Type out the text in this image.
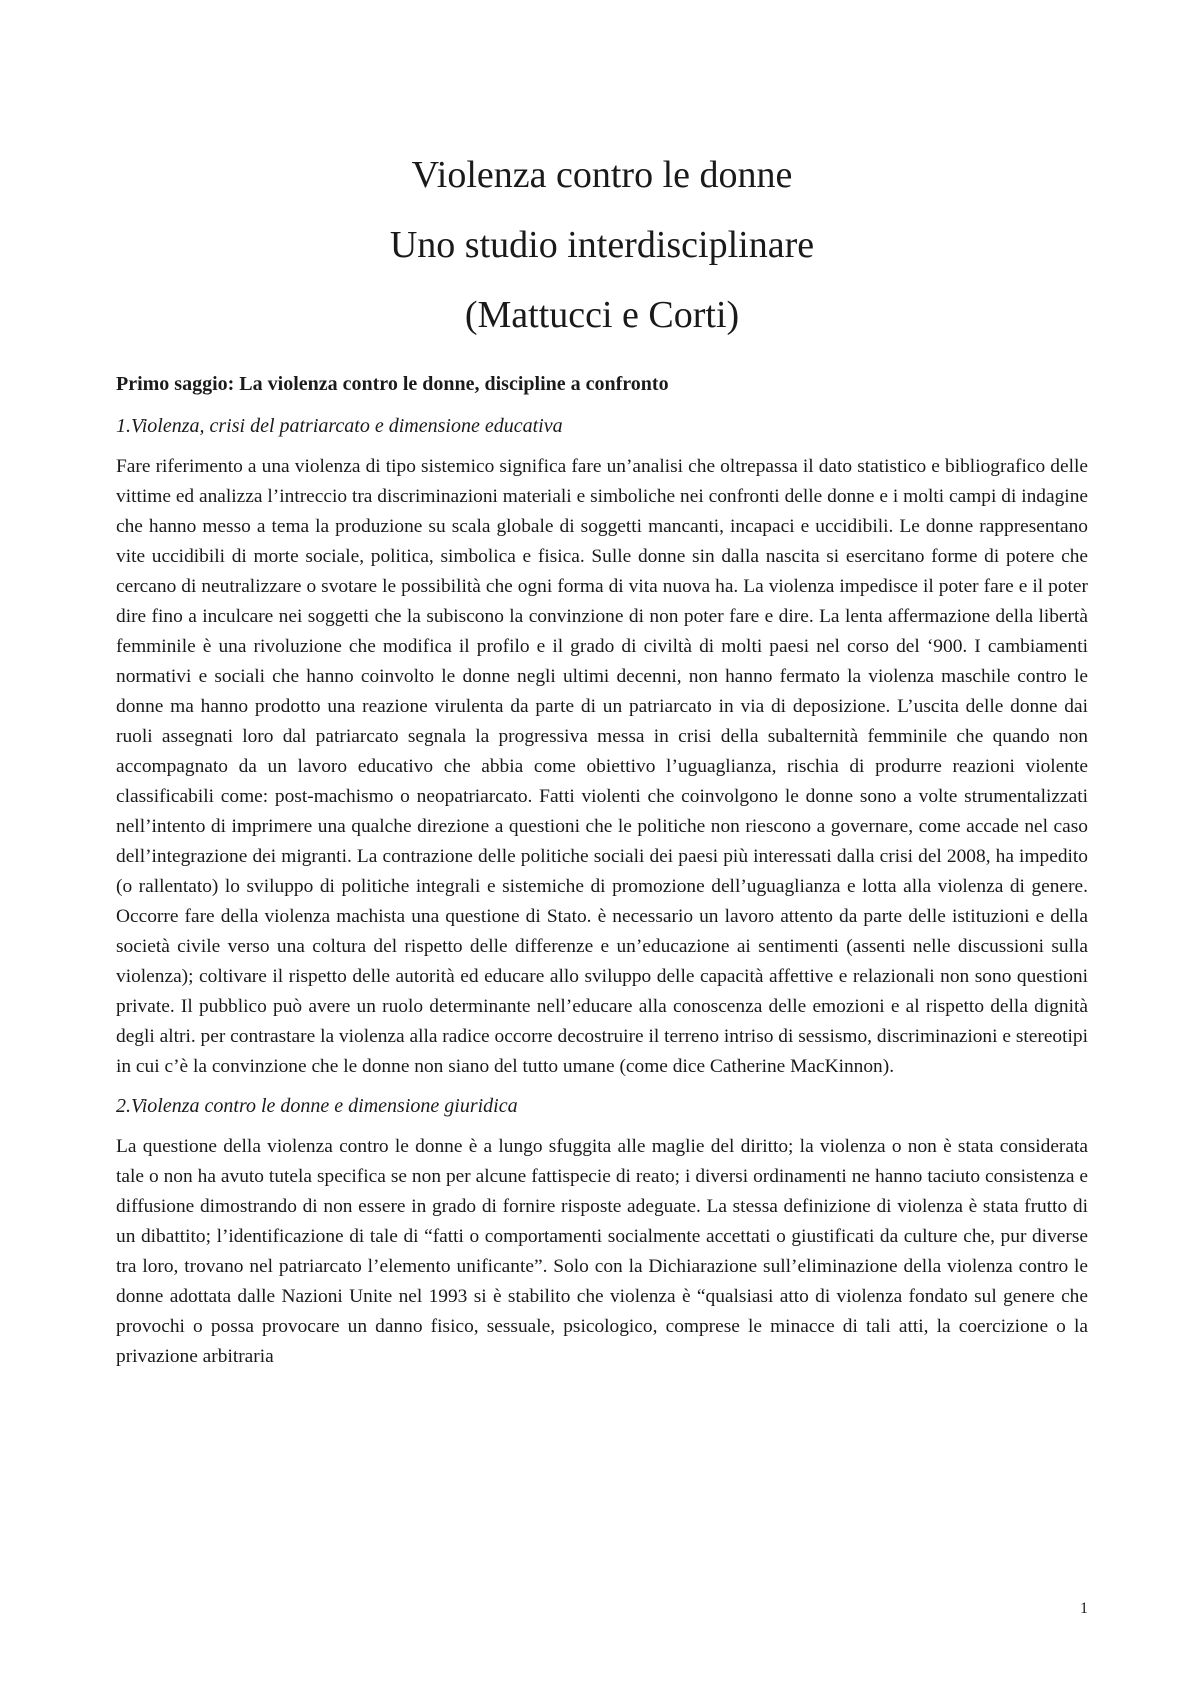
Violenza contro le donne
Uno studio interdisciplinare
(Mattucci e Corti)
Primo saggio: La violenza contro le donne, discipline a confronto
1.Violenza, crisi del patriarcato e dimensione educativa

Fare riferimento a una violenza di tipo sistemico significa fare un’analisi che oltrepassa il dato statistico e bibliografico delle vittime ed analizza l’intreccio tra discriminazioni materiali e simboliche nei confronti delle donne e i molti campi di indagine che hanno messo a tema la produzione su scala globale di soggetti mancanti, incapaci e uccidibili. Le donne rappresentano vite uccidibili di morte sociale, politica, simbolica e fisica. Sulle donne sin dalla nascita si esercitano forme di potere che cercano di neutralizzare o svotare le possibilità che ogni forma di vita nuova ha. La violenza impedisce il poter fare e il poter dire fino a inculcare nei soggetti che la subiscono la convinzione di non poter fare e dire. La lenta affermazione della libertà femminile è una rivoluzione che modifica il profilo e il grado di civiltà di molti paesi nel corso del ‘900. I cambiamenti normativi e sociali che hanno coinvolto le donne negli ultimi decenni, non hanno fermato la violenza maschile contro le donne ma hanno prodotto una reazione virulenta da parte di un patriarcato in via di deposizione. L’uscita delle donne dai ruoli assegnati loro dal patriarcato segnala la progressiva messa in crisi della subalternità femminile che quando non accompagnato da un lavoro educativo che abbia come obiettivo l’uguaglianza, rischia di produrre reazioni violente classificabili come: post-machismo o neopatriarcato. Fatti violenti che coinvolgono le donne sono a volte strumentalizzati nell’intento di imprimere una qualche direzione a questioni che le politiche non riescono a governare, come accade nel caso dell’integrazione dei migranti. La contrazione delle politiche sociali dei paesi più interessati dalla crisi del 2008, ha impedito (o rallentato) lo sviluppo di politiche integrali e sistemiche di promozione dell’uguaglianza e lotta alla violenza di genere. Occorre fare della violenza machista una questione di Stato. è necessario un lavoro attento da parte delle istituzioni e della società civile verso una coltura del rispetto delle differenze e un’educazione ai sentimenti (assenti nelle discussioni sulla violenza); coltivare il rispetto delle autorità ed educare allo sviluppo delle capacità affettive e relazionali non sono questioni private. Il pubblico può avere un ruolo determinante nell’educare alla conoscenza delle emozioni e al rispetto della dignità degli altri. per contrastare la violenza alla radice occorre decostruire il terreno intriso di sessismo, discriminazioni e stereotipi in cui c’è la convinzione che le donne non siano del tutto umane (come dice Catherine MacKinnon).

2.Violenza contro le donne e dimensione giuridica

La questione della violenza contro le donne è a lungo sfuggita alle maglie del diritto; la violenza o non è stata considerata tale o non ha avuto tutela specifica se non per alcune fattispecie di reato; i diversi ordinamenti ne hanno taciuto consistenza e diffusione dimostrando di non essere in grado di fornire risposte adeguate. La stessa definizione di violenza è stata frutto di un dibattito; l’identificazione di tale di “fatti o comportamenti socialmente accettati o giustificati da culture che, pur diverse tra loro, trovano nel patriarcato l’elemento unificante”. Solo con la Dichiarazione sull’eliminazione della violenza contro le donne adottata dalle Nazioni Unite nel 1993 si è stabilito che violenza è “qualsiasi atto di violenza fondato sul genere che provochi o possa provocare un danno fisico, sessuale, psicologico, comprese le minacce di tali atti, la coercizione o la privazione arbitraria

1
